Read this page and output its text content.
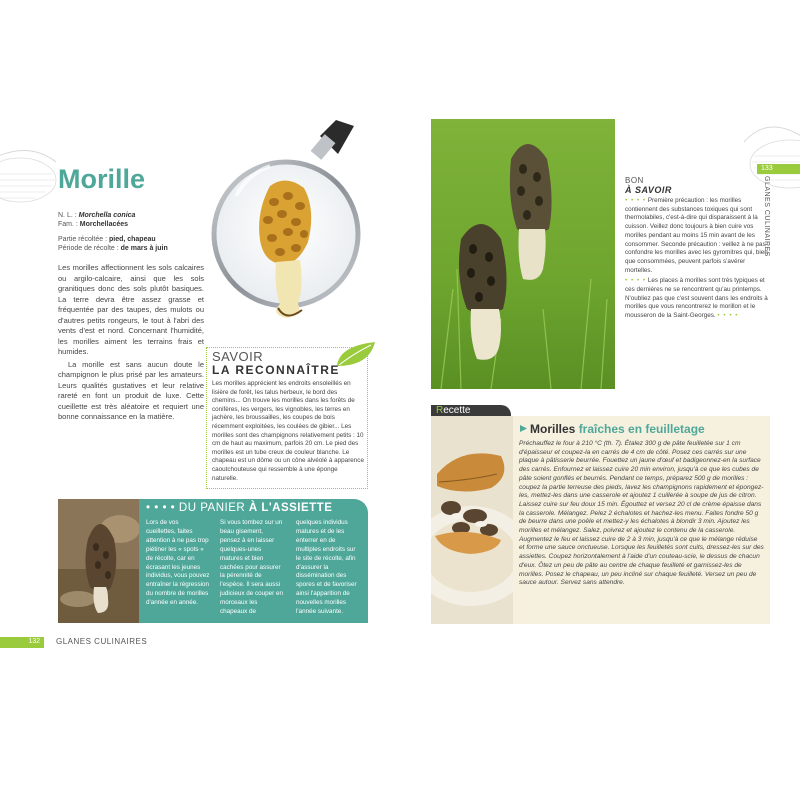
Morille
N. L. : Morchella conica
Fam. : Morchellacées
Partie récoltée : pied, chapeau
Période de récolte : de mars à juin

Les morilles affectionnent les sols calcaires ou argilo-calcaire, ainsi que les sols granitiques donc des sols plutôt basiques. La terre devra être assez grasse et fréquentée par des taupes, des mulots ou d'autres petits rongeurs, le tout à l'abri des vents d'est et nord. Concernant l'humidité, les morilles aiment les terrains frais et humides.

La morille est sans aucun doute le champignon le plus prisé par les amateurs. Leurs qualités gustatives et leur relative rareté en font un produit de luxe. Cette cueillette est très aléatoire et requiert une bonne connaissance en la matière.

SAVOIR
LA RECONNAÎTRE
Les morilles apprécient les endroits ensoleillés en lisière de forêt, les talus herbeux, le bord des chemins... On trouve les morilles dans les forêts de conifères, les vergers, les vignobles, les terres en jachère, les broussailles, les coupes de bois récemment exploitées, les coulées de gibier... Les morilles sont des champignons relativement petits : 10 cm de haut au maximum, parfois 20 cm. Le pied des morilles est un tube creux de couleur blanche. Le chapeau est un dôme ou un cône alvéolé à apparence caoutchouteuse qui ressemble à une éponge naturelle.
• • • • DU PANIER À L'ASSIETTE
Lors de vos cueillettes, faites attention à ne pas trop piétiner les « spots » de récolte, car en écrasant les jeunes individus, vous pouvez entraîner la régression du nombre de morilles d'année en année.
Si vous tombez sur un beau gisement, pensez à en laisser quelques-unes matures et bien cachées pour assurer la pérennité de l'espèce. Il sera aussi judicieux de couper en morceaux les chapeaux de
quelques individus matures et de les enterrer en de multiples endroits sur le site de récolte, afin d'assurer la dissémination des spores et de favoriser ainsi l'apparition de nouvelles morilles l'année suivante.
132 GLANES CULINAIRES
BON
À SAVOIR
• • • • Première précaution : les morilles contiennent des substances toxiques qui sont thermolabiles, c'est-à-dire qui disparaissent à la cuisson. Veillez donc toujours à bien cuire vos morilles pendant au moins 15 min avant de les consommer. Seconde précaution : veillez à ne pas confondre les morilles avec les gyromitres qui, bien que consommées, peuvent parfois s'avérer mortelles.
• • • • Les places à morilles sont très typiques et ces dernières ne se rencontrent qu'au printemps. N'oubliez pas que c'est souvent dans les endroits à morilles que vous rencontrerez le morillon et le mousseron de la Saint-Georges. • • • •
133
GLANES CULINAIRES
Recette
Morilles fraîches en feuilletage
Préchauffez le four à 210 °C (th. 7). Étalez 300 g de pâte feuilletée sur 1 cm d'épaisseur et coupez-la en carrés de 4 cm de côté. Posez ces carrés sur une plaque à pâtisserie beurrée. Fouettez un jaune d'œuf et badigeonnez-en la surface des carrés. Enfournez et laissez cuire 20 min environ, jusqu'à ce que les cubes de pâte soient gonflés et beurrés. Pendant ce temps, préparez 500 g de morilles : coupez la partie terreuse des pieds, lavez les champignons rapidement et épongez-les, mettez-les dans une casserole et ajoutez 1 cuillerée à soupe de jus de citron. Laissez cuire sur feu doux 15 min. Égouttez et versez 20 cl de crème épaisse dans la casserole. Mélangez. Pelez 2 échalotes et hachez-les menu. Faites fondre 50 g de beurre dans une poêle et mettez-y les échalotes à blondir 3 min. Ajoutez les morilles et mélangez. Salez, poivrez et ajoutez le contenu de la casserole. Augmentez le feu et laissez cuire de 2 à 3 min, jusqu'à ce que le mélange réduise et forme une sauce onctueuse. Lorsque les feuilletés sont cuits, dressez-les sur des assiettes. Coupez horizontalement à l'aide d'un couteau-scie, le dessus de chacun d'eux. Ôtez un peu de pâte au centre de chaque feuilleté et garnissez-les de morilles. Posez le chapeau, un peu incliné sur chaque feuilleté. Versez un peu de sauce autour. Servez sans attendre.
